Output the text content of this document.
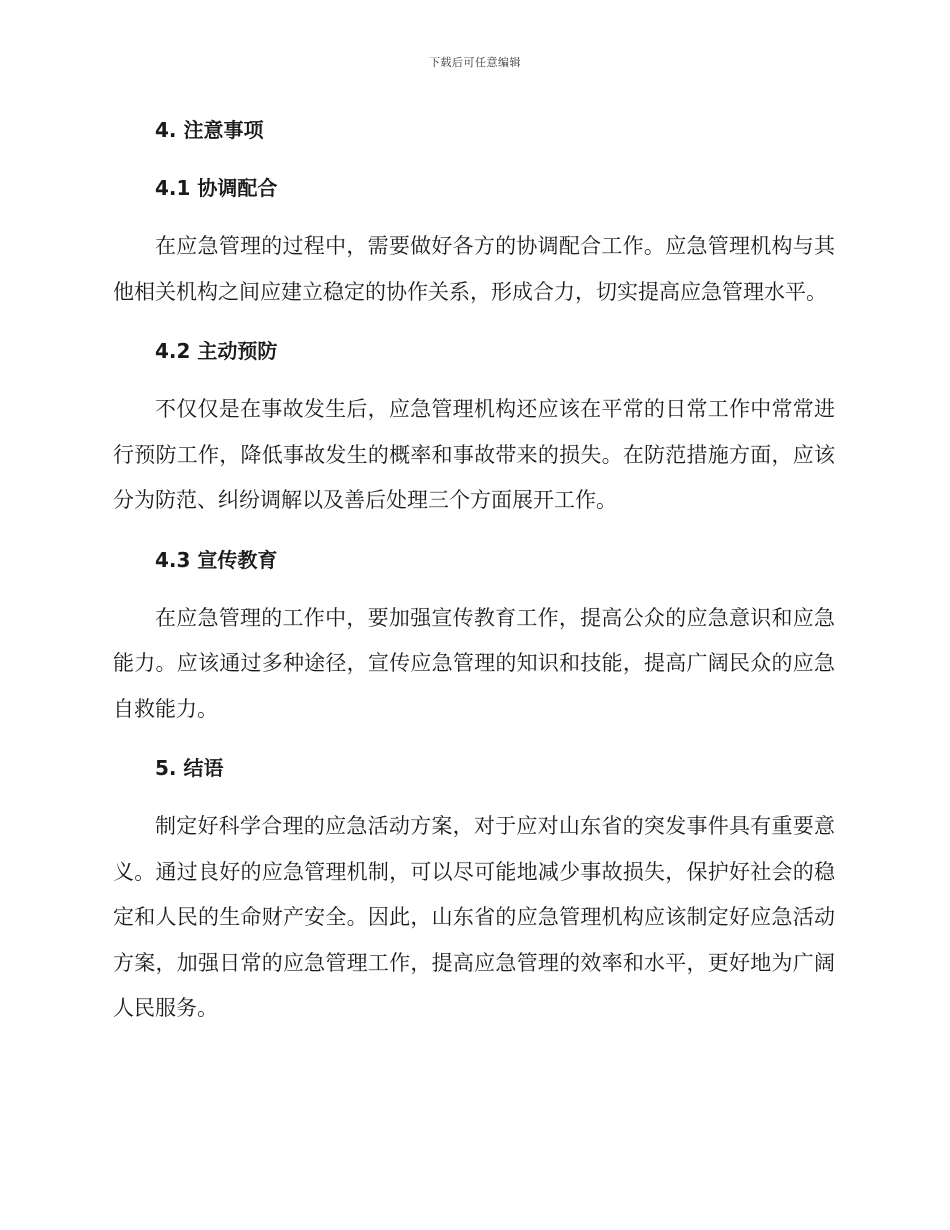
下载后可任意编辑
4. 注意事项
4.1 协调配合
在应急管理的过程中，需要做好各方的协调配合工作。应急管理机构与其他相关机构之间应建立稳定的协作关系，形成合力，切实提高应急管理水平。
4.2 主动预防
不仅仅是在事故发生后，应急管理机构还应该在平常的日常工作中常常进行预防工作，降低事故发生的概率和事故带来的损失。在防范措施方面，应该分为防范、纠纷调解以及善后处理三个方面展开工作。
4.3 宣传教育
在应急管理的工作中，要加强宣传教育工作，提高公众的应急意识和应急能力。应该通过多种途径，宣传应急管理的知识和技能，提高广阔民众的应急自救能力。
5. 结语
制定好科学合理的应急活动方案，对于应对山东省的突发事件具有重要意义。通过良好的应急管理机制，可以尽可能地减少事故损失，保护好社会的稳定和人民的生命财产安全。因此，山东省的应急管理机构应该制定好应急活动方案，加强日常的应急管理工作，提高应急管理的效率和水平，更好地为广阔人民服务。
